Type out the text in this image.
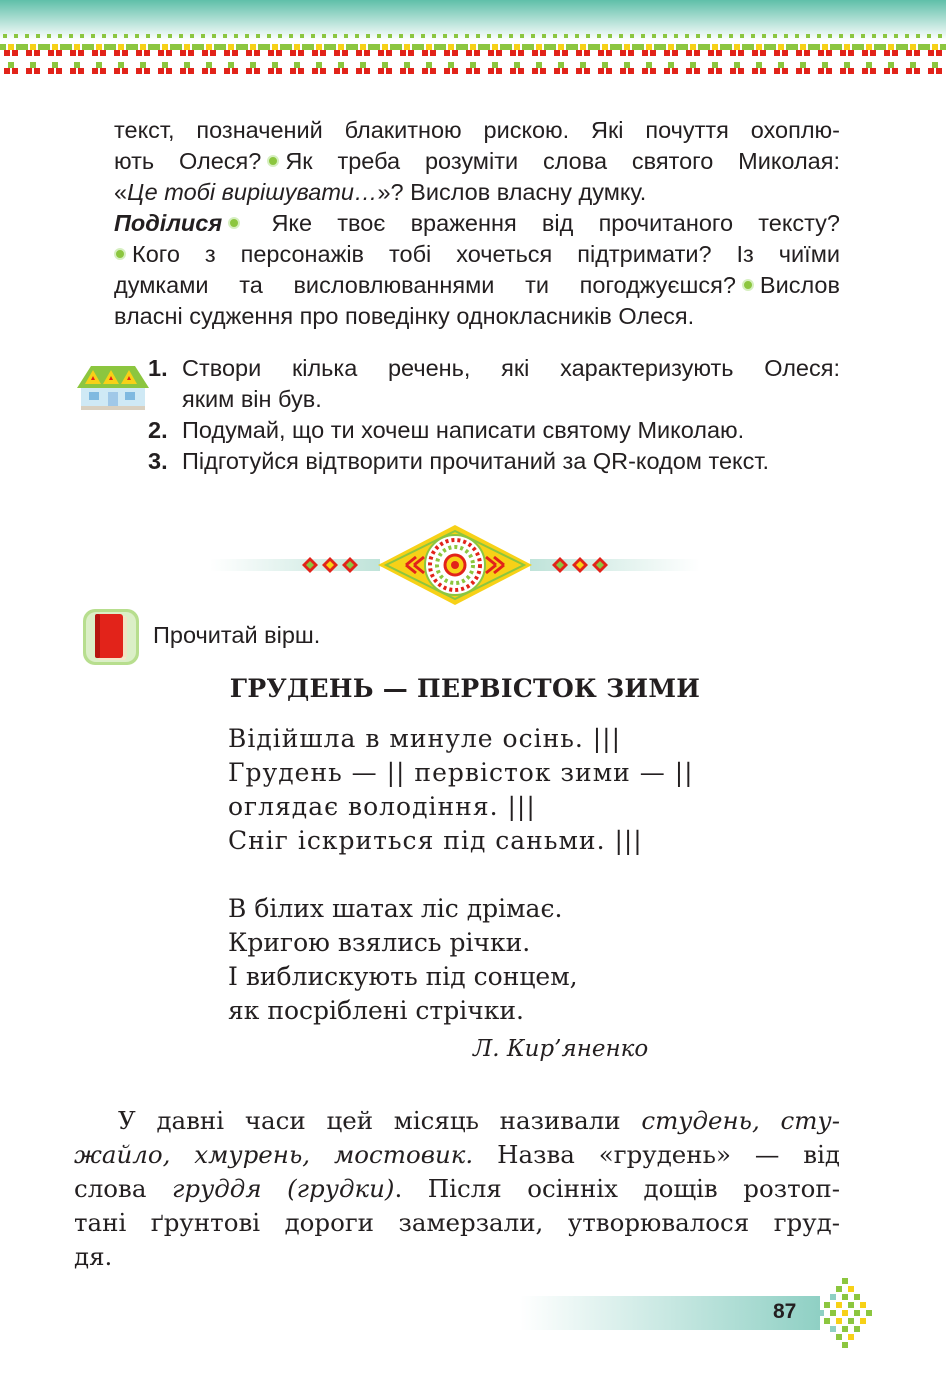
текст, позначений блакитною рискою. Які почуття охоплю-
ють Олеся? Як треба розуміти слова святого Миколая:
«Це тобі вирішувати…»? Вислов власну думку.
Поділися Яке твоє враження від прочитаного тексту?
Кого з персонажів тобі хочеться підтримати? Із чиїми
думками та висловлюваннями ти погоджуєшся? Вислов
власні судження про поведінку однокласників Олеся.
1. Створи кілька речень, які характеризують Олеся:
яким він був.
2. Подумай, що ти хочеш написати святому Миколаю.
3. Підготуйся відтворити прочитаний за QR-кодом текст.
Прочитай вірш.
ГРУДЕНЬ — ПЕРВІСТОК ЗИМИ
Відійшла в минуле осінь. |||
Грудень — || первісток зими — ||
оглядає володіння. |||
Сніг іскриться під саньми. |||
В білих шатах ліс дрімає.
Кригою взялись річки.
І виблискують під сонцем,
як посріблені стрічки.
Л. Кир’яненко
У давні часи цей місяць називали студень, сту-
жайло, хмурень, мостовик. Назва «грудень» — від
слова груддя (грудки). Після осінніх дощів розтоп-
тані ґрунтові дороги замерзали, утворювалося груд-
дя.
87
